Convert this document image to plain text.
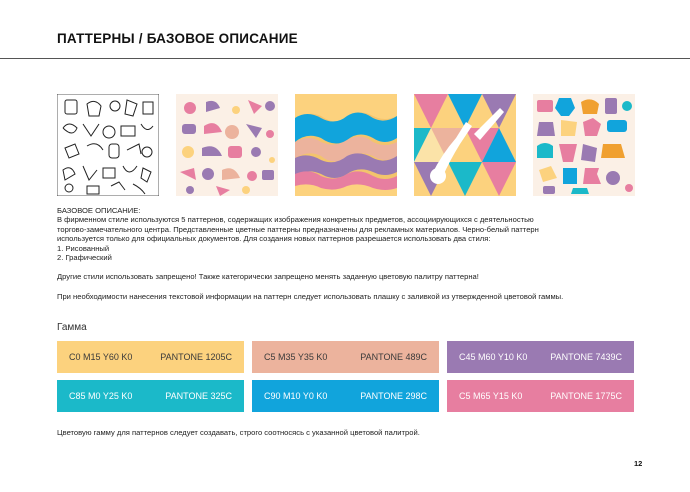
ПАТТЕРНЫ / БАЗОВОЕ ОПИСАНИЕ

БАЗОВОЕ ОПИСАНИЕ:

В фирменном стиле используются 5 паттернов, содержащих изображения конкретных предметов, ассоциирующихся с деятельностью

торгово-замечательного центра. Представленные цветные паттерны предназначены для рекламных материалов. Черно-белый паттерн

используется только для официальных документов. Для создания новых паттернов разрешается использовать два стиля:

1. Рисованный

2. Графический

Другие стили использовать запрещено! Также категорически запрещено менять заданную цветовую палитру паттерна!

При необходимости нанесения текстовой информации на паттерн следует использовать плашку с заливкой из утвержденной цветовой гаммы.

Гамма
C0 M15 Y60 K0	PANTONE 1205C	C5 M35 Y35 K0	PANTONE 489C	C45 M60 Y10 K0	PANTONE 7439C
C85 M0 Y25 K0	PANTONE 325C	C90 M10 Y0 K0	PANTONE 298C	C5 M65 Y15 K0	PANTONE 1775C
Цветовую гамму для паттернов следует создавать, строго соотносясь с указанной цветовой палитрой.
12
